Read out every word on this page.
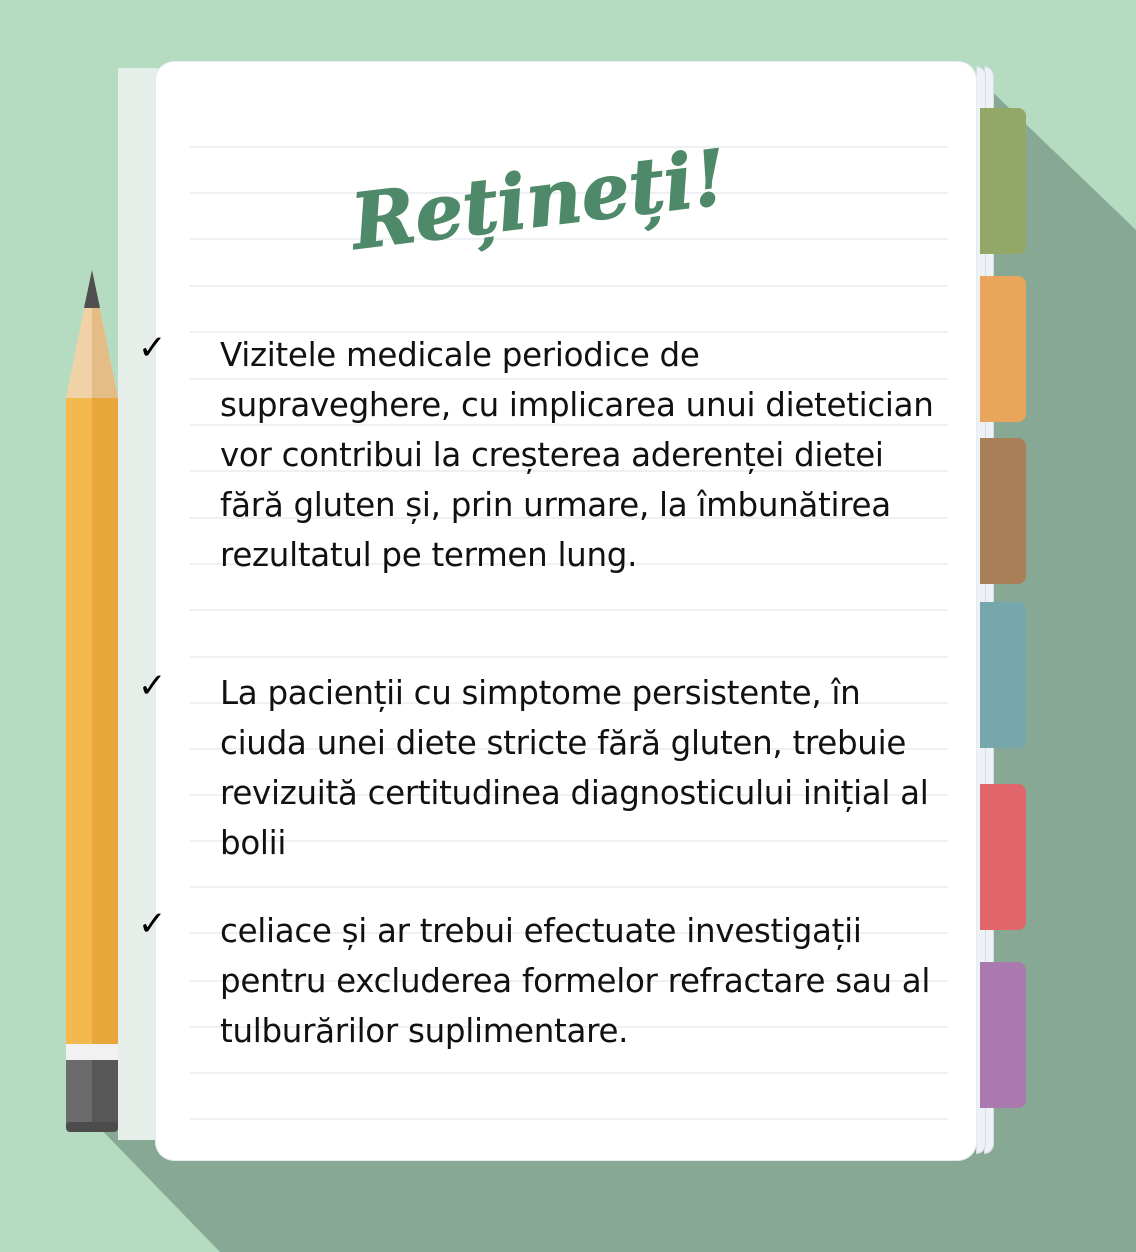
Rețineți!
✓ Vizitele medicale periodice de supraveghere, cu implicarea unui dietetician vor contribui la creșterea aderenței dietei fără gluten și, prin urmare, la îmbunătirea rezultatul pe termen lung.

✓ La pacienții cu simptome persistente, în ciuda unei diete stricte fără gluten, trebuie revizuită certitudinea diagnosticului inițial al bolii

✓ celiace și ar trebui efectuate investigații pentru excluderea formelor refractare sau al tulburărilor suplimentare.
